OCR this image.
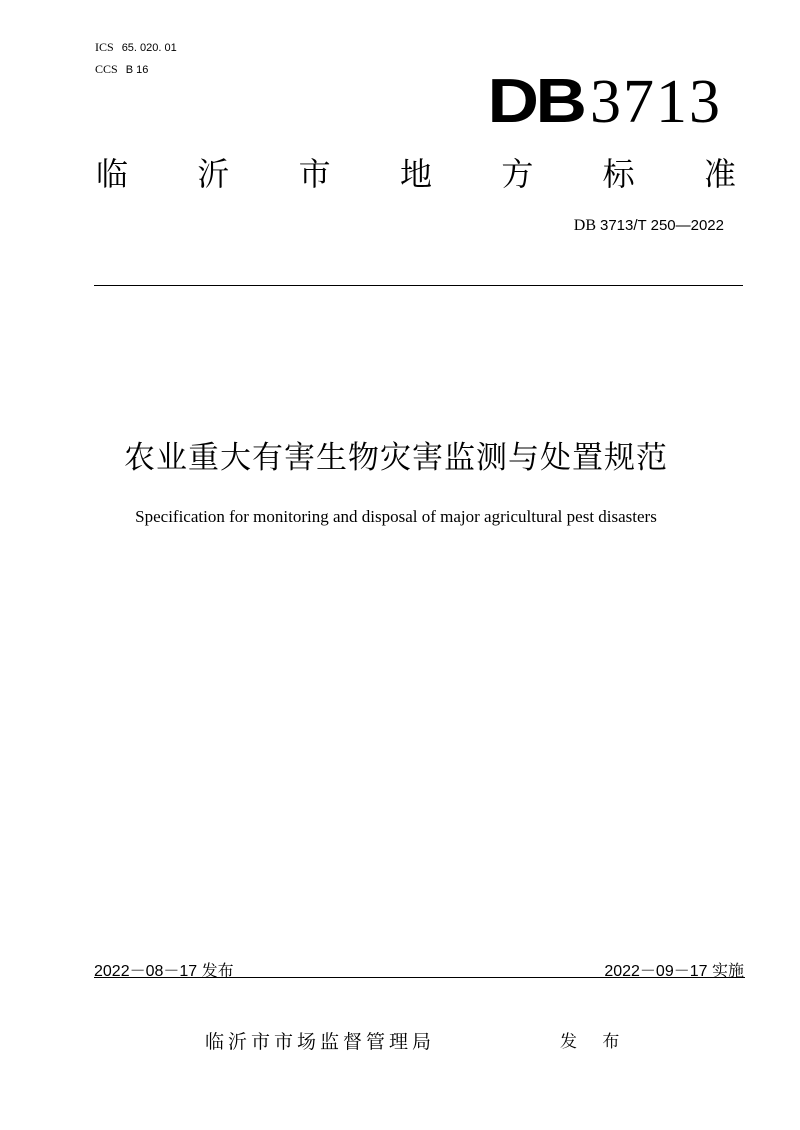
ICS 65. 020. 01
CCS B 16	DB 3713
临 沂 市 地 方 标 准
DB 3713/T 250—2022
农业重大有害生物灾害监测与处置规范
Specification for monitoring and disposal of major agricultural pest disasters
2022－08－17 发布	2022－09－17 实施
临沂市市场监督管理局	发 布
